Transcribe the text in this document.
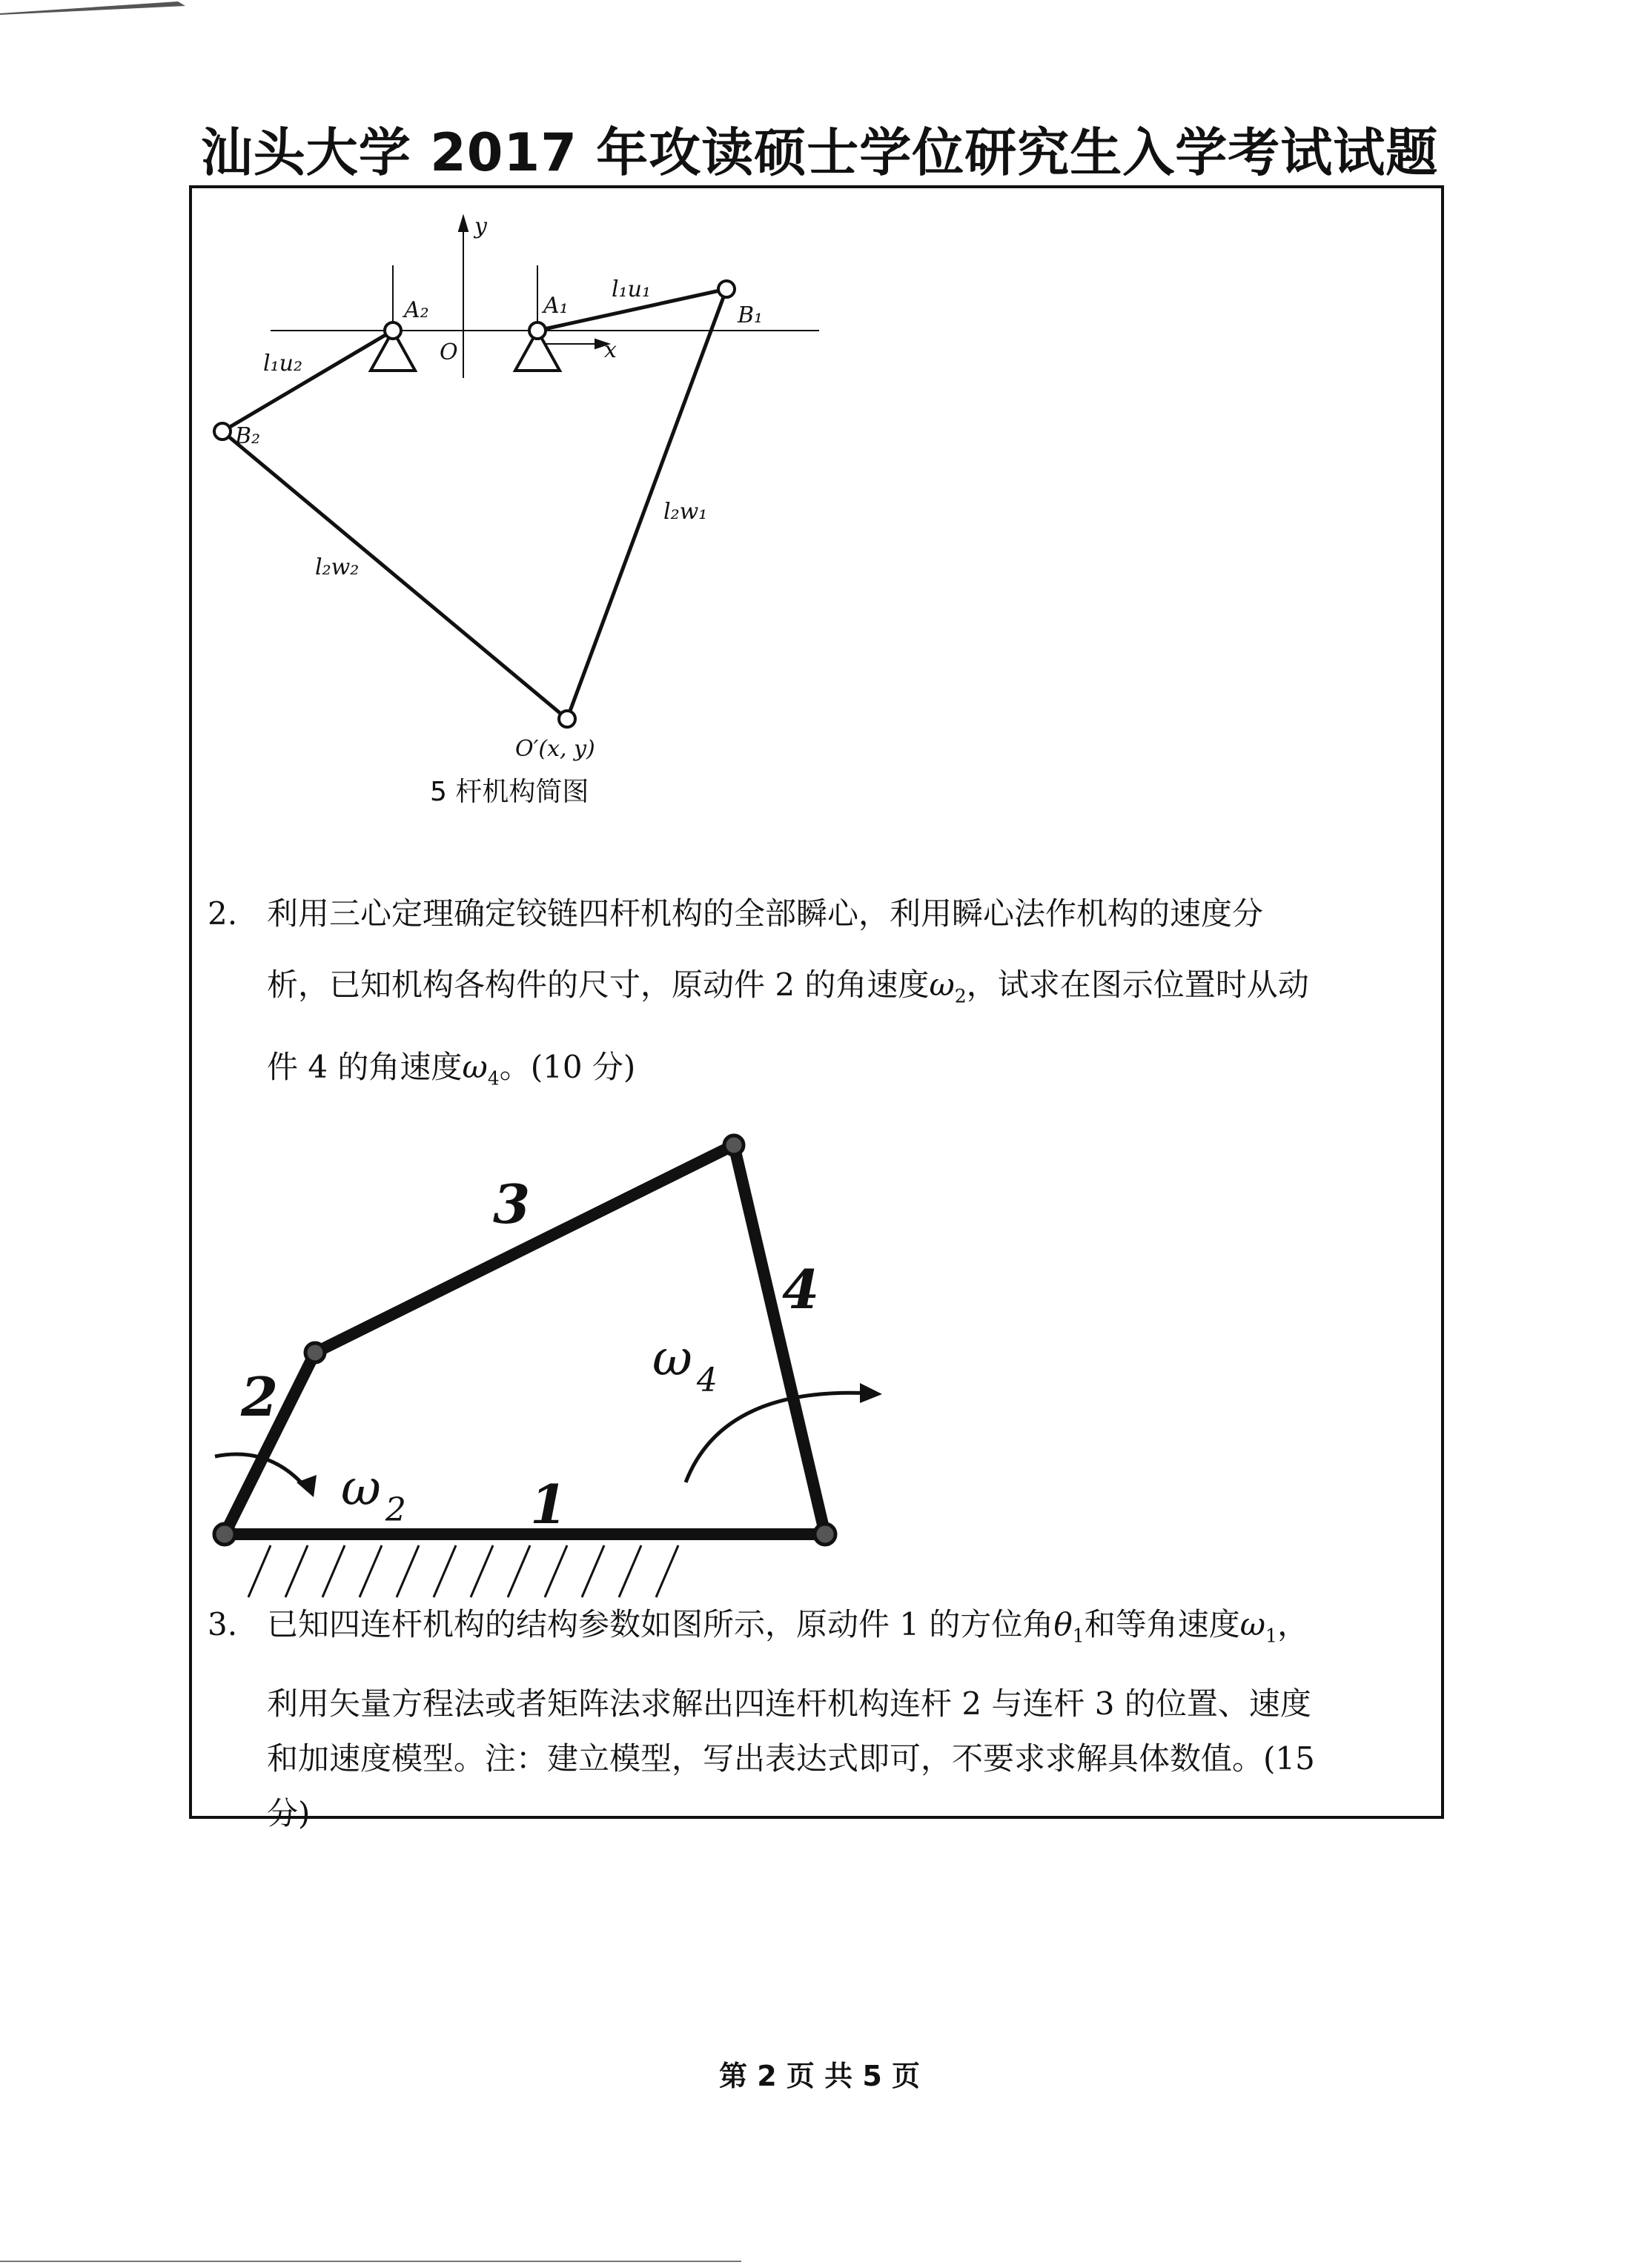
汕头大学 2017 年攻读硕士学位研究生入学考试试题
y
x
O
A₂	A₁	B₁
B₂
l₁u₁
l₁u₂
l₂w₁
l₂w₂
O′(x, y)
5 杆机构简图
2. 利用三心定理确定铰链四杆机构的全部瞬心，利用瞬心法作机构的速度分
析，已知机构各构件的尺寸，原动件 2 的角速度$\omega_2$，试求在图示位置时从动
件 4 的角速度$\omega_4$。(10 分)
1
2
3
4
ω $_2$
ω $_4$
3. 已知四连杆机构的结构参数如图所示，原动件 1 的方位角$\theta_1$和等角速度$\omega_1$，
利用矢量方程法或者矩阵法求解出四连杆机构连杆 2 与连杆 3 的位置、速度
和加速度模型。注：建立模型，写出表达式即可，不要求求解具体数值。(15
分)
第 2 页 共 5 页
